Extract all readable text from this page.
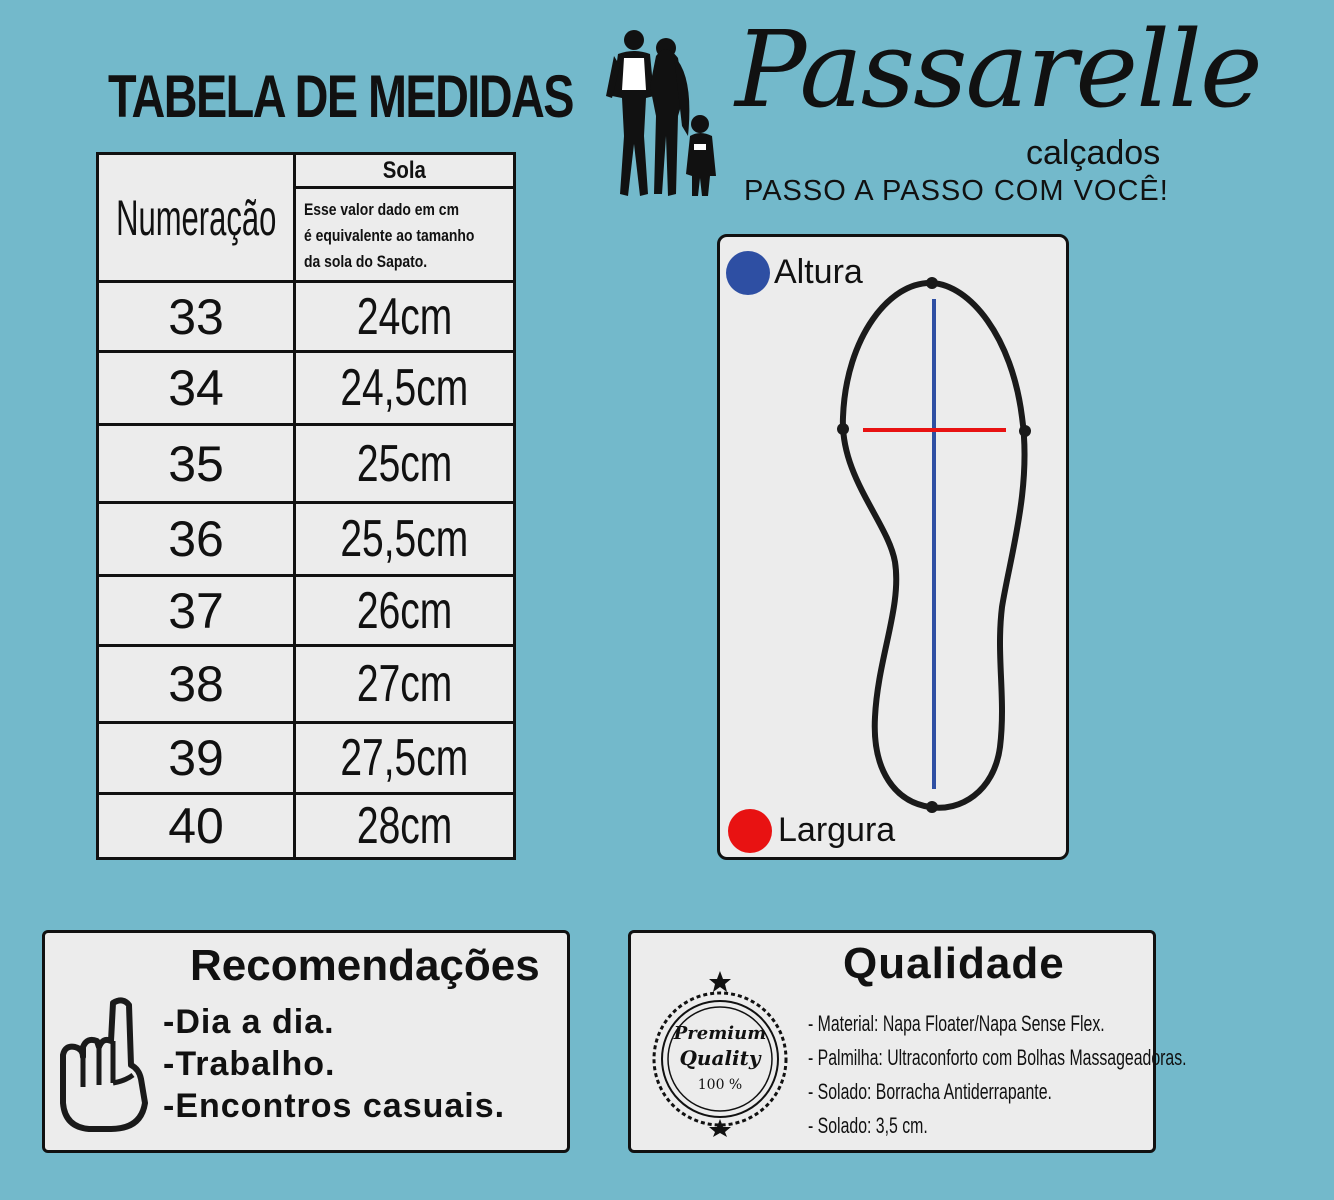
TABELA DE MEDIDAS
Numeração
Sola
Esse valor dado em cm
é equivalente ao tamanho
da sola do Sapato.
33	24cm
34	24,5cm
35	25cm
36	25,5cm
37	26cm
38	27cm
39	27,5cm
40	28cm
Passarelle
calçados
PASSO A PASSO COM VOCÊ!
Altura
Largura
Recomendações
-Dia a dia.
-Trabalho.
-Encontros casuais.
Qualidade
Premium
Quality
100 %
- Material: Napa Floater/Napa Sense Flex.
- Palmilha: Ultraconforto com Bolhas Massageadoras.
- Solado: Borracha Antiderrapante.
- Solado: 3,5 cm.
